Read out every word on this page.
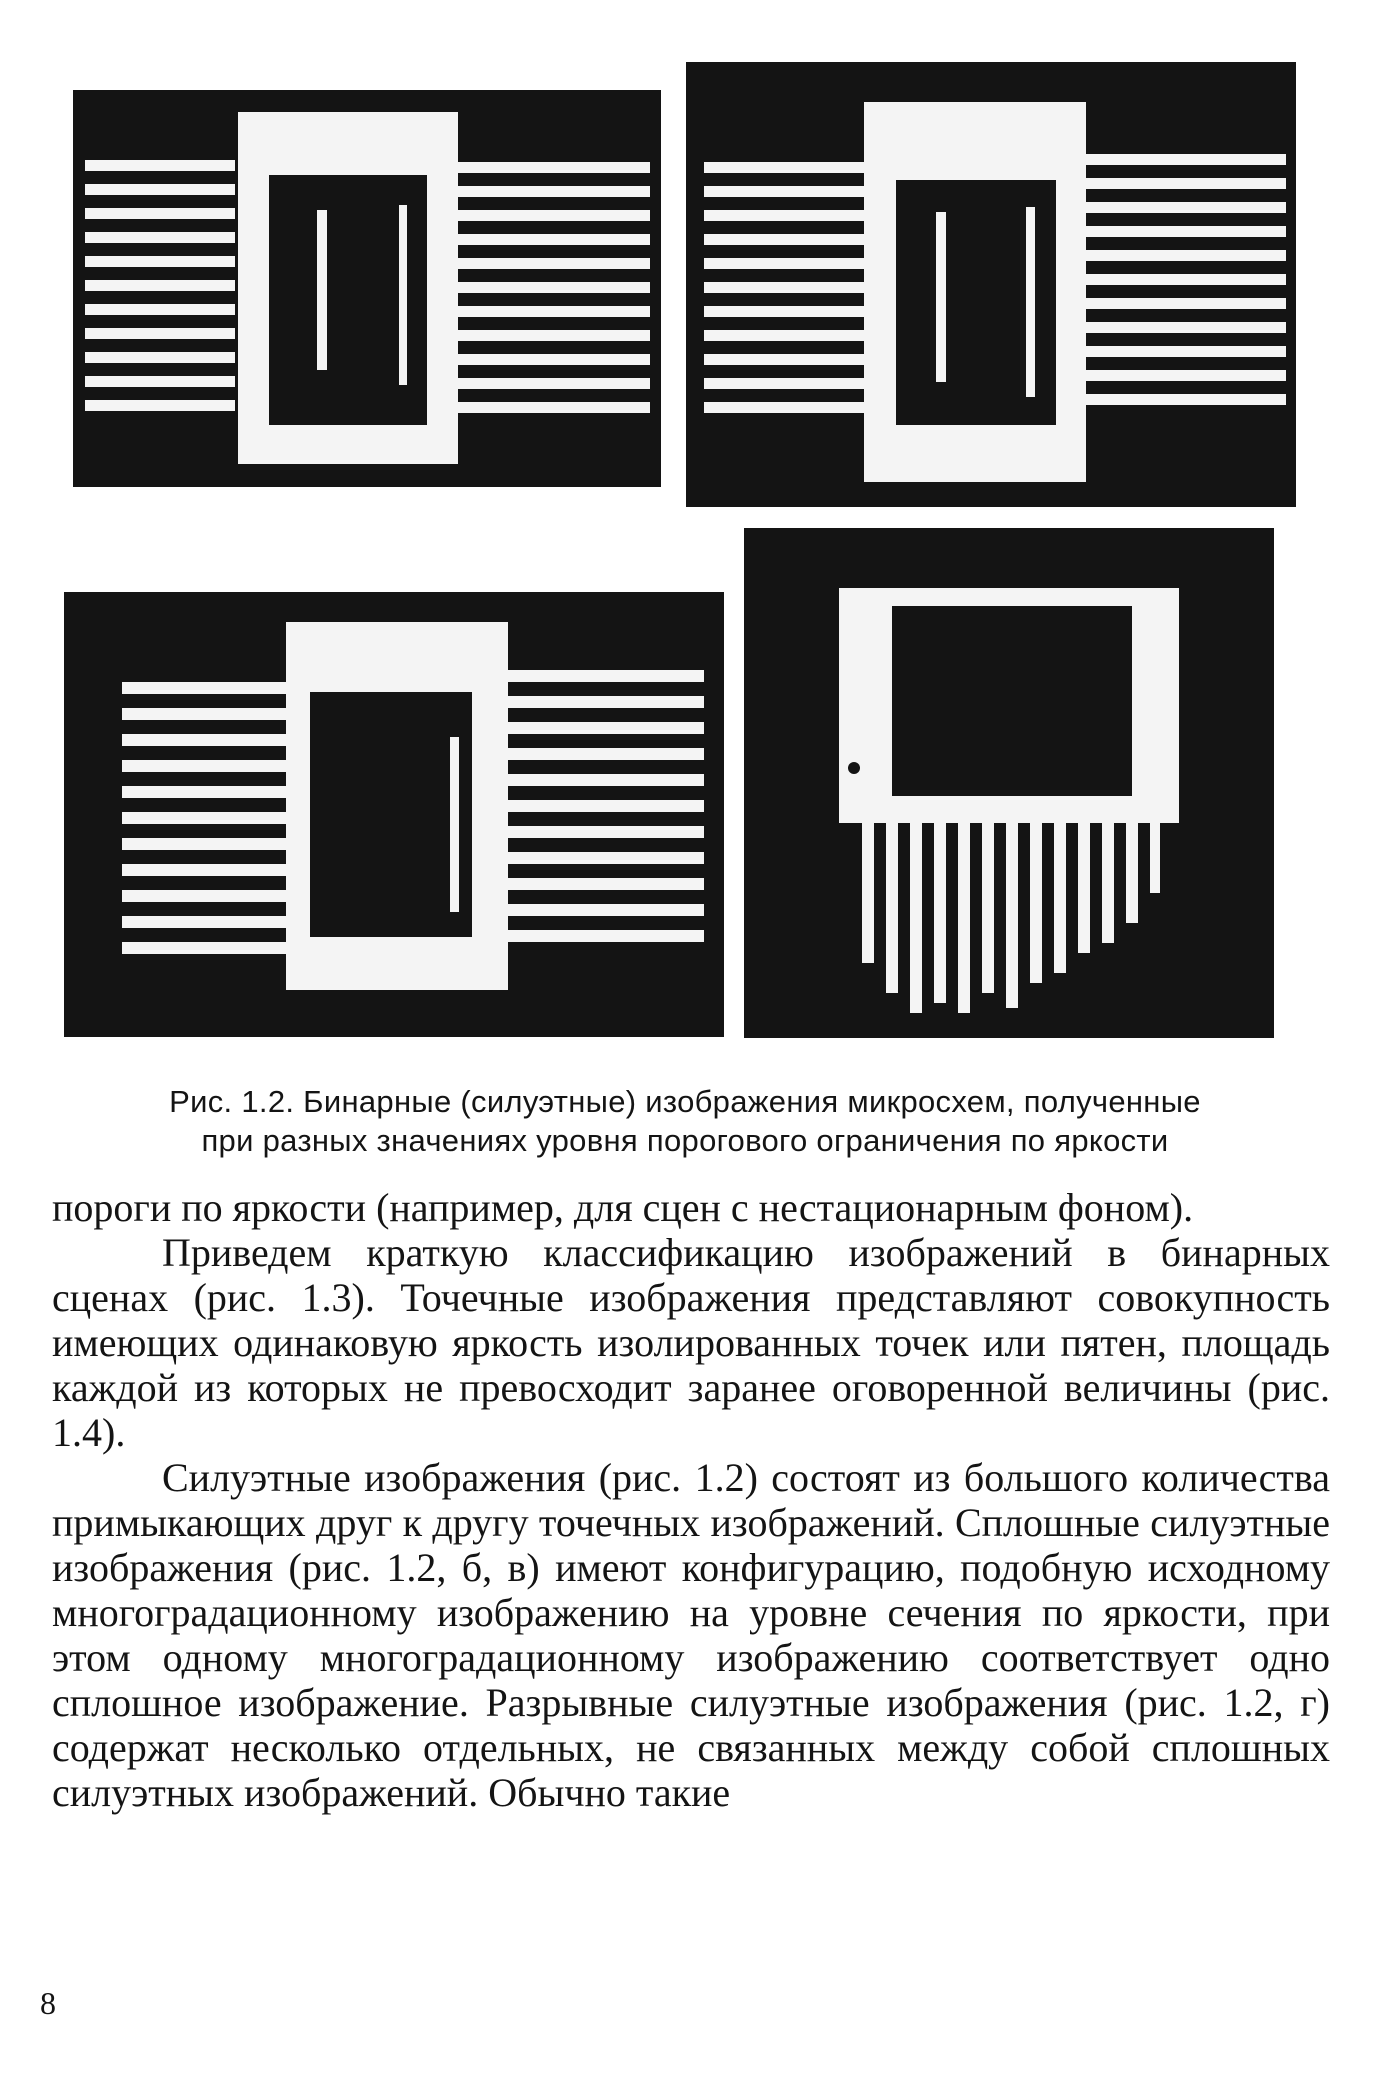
Рис. 1.2. Бинарные (силуэтные) изображения микросхем, полученные
при разных значениях уровня порогового ограничения по яркости

пороги по яркости (например, для сцен с нестационарным фоном).

Приведем краткую классификацию изображений в бинарных сценах (рис. 1.3). Точечные изображения представляют совокупность имеющих одинаковую яркость изолированных точек или пятен, площадь каждой из которых не превосходит заранее оговоренной величины (рис. 1.4).

Силуэтные изображения (рис. 1.2) состоят из большого количества примыкающих друг к другу точечных изображений. Сплошные силуэтные изображения (рис. 1.2, б, в) имеют конфигурацию, подобную исходному многоградационному изображению на уровне сечения по яркости, при этом одному многоградационному изображению соответствует одно сплошное изображение. Разрывные силуэтные изображения (рис. 1.2, г) содержат несколько отдельных, не связанных между собой сплошных силуэтных изображений. Обычно такие

8
